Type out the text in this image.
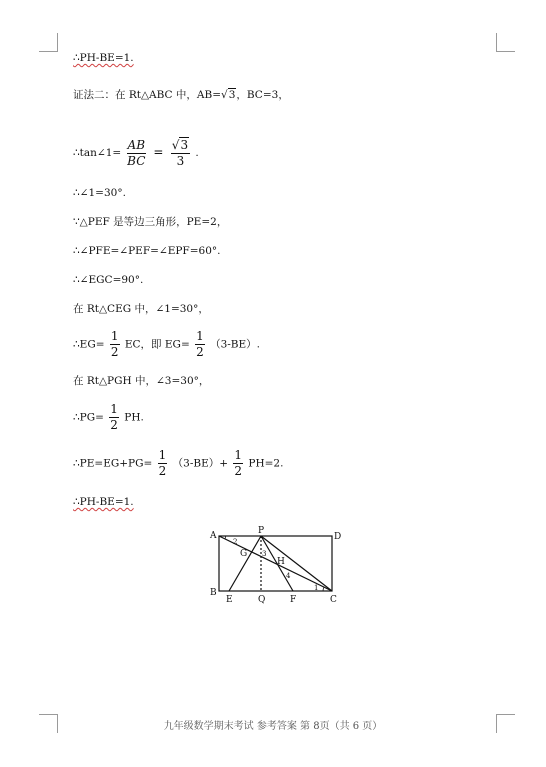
∴PH-BE=1.
证法二：在 Rt△ABC 中，AB=√3，BC=3，
∴tan∠1= $\frac{AB}{BC} = \frac{√3}{3}$ .
∴∠1=30°.
∵△PEF 是等边三角形，PE=2，
∴∠PFE=∠PEF=∠EPF=60°.
∴∠EGC=90°.
在 Rt△CEG 中，∠1=30°，
∴EG= $\frac{1}{2}$ EC，即 $EG= \frac{1}{2} (3-BE)$.
在 Rt△PGH 中，∠3=30°，
∴PG= $\frac{1}{2}$ PH.
∴PE=EG+PG= $\frac{1}{2} (3-BE)+ \frac{1}{2} PH=2$.
∴PH-BE=1.
A	P
D
B
E	Q	F	C
G
H
1
2
3
4
九年级数学期末考试 参考答案 第 8页（共 6 页）
